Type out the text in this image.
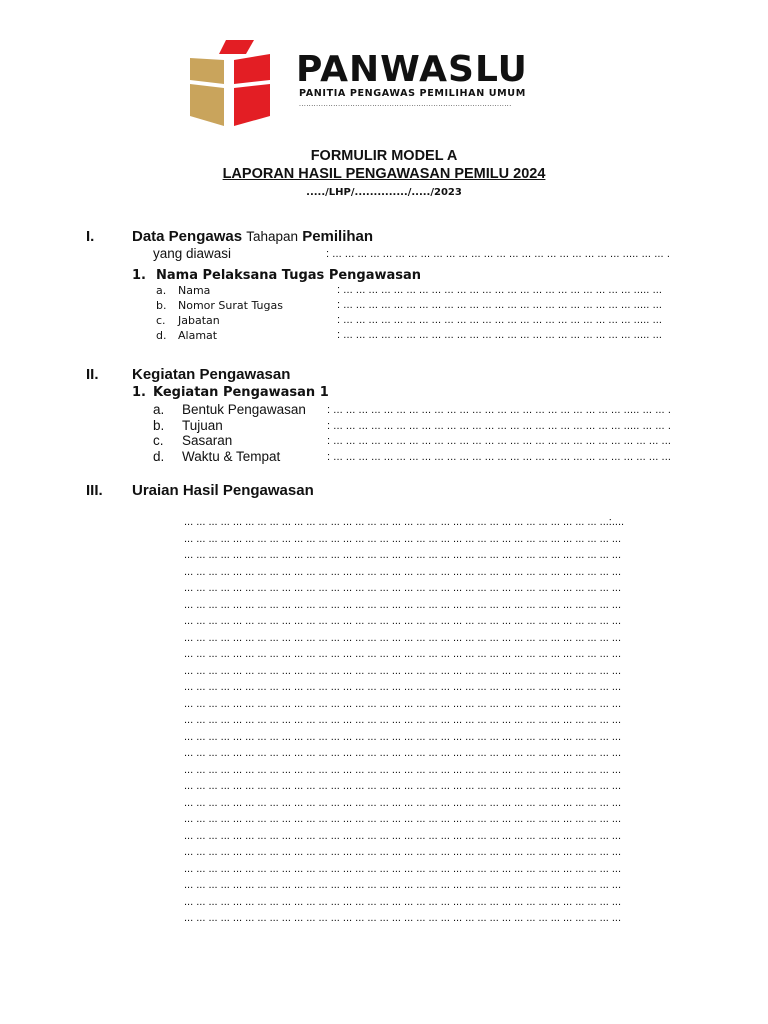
PANWASLU
PANITIA PENGAWAS PEMILIHAN UMUM
.......................................................................................
FORMULIR MODEL A
LAPORAN HASIL PENGAWASAN PEMILU 2024
...../LHP/............../...../2023
I.	Data Pengawas Tahapan Pemilihan
yang diawasi	: ... ... ... ... ... ... ... ... ... ... ... ... ... ... ... ... ... ... ... ... ... ... ... ..... ... ... .
1. Nama Pelaksana Tugas Pengawasan
a. Nama	: ... ... ... ... ... ... ... ... ... ... ... ... ... ... ... ... ... ... ... ... ... ... ... ..... ...
b. Nomor Surat Tugas	: ... ... ... ... ... ... ... ... ... ... ... ... ... ... ... ... ... ... ... ... ... ... ... ..... ...
c. Jabatan	: ... ... ... ... ... ... ... ... ... ... ... ... ... ... ... ... ... ... ... ... ... ... ... ..... ...
d. Alamat	: ... ... ... ... ... ... ... ... ... ... ... ... ... ... ... ... ... ... ... ... ... ... ... ..... ...
II. Kegiatan Pengawasan
1. Kegiatan Pengawasan 1
a. Bentuk Pengawasan : ... ... ... ... ... ... ... ... ... ... ... ... ... ... ... ... ... ... ... ... ... ... ... ..... ... ... .
b. Tujuan	: ... ... ... ... ... ... ... ... ... ... ... ... ... ... ... ... ... ... ... ... ... ... ... ..... ... ... .
c. Sasaran	: ... ... ... ... ... ... ... ... ... ... ... ... ... ... ... ... ... ... ... ... ... ... ... ... ... ... ...
d. Waktu & Tempat	: ... ... ... ... ... ... ... ... ... ... ... ... ... ... ... ... ... ... ... ... ... ... ... ... ... ... ...
III. Uraian Hasil Pengawasan
... ... ... ... ... ... ... ... ... ... ... ... ... ... ... ... ... ... ... ... ... ... ... ... ... ... ... ... ... ... ... ... ... ... ...:....
... ... ... ... ... ... ... ... ... ... ... ... ... ... ... ... ... ... ... ... ... ... ... ... ... ... ... ... ... ... ... ... ... ... ... ...
... ... ... ... ... ... ... ... ... ... ... ... ... ... ... ... ... ... ... ... ... ... ... ... ... ... ... ... ... ... ... ... ... ... ... ...
... ... ... ... ... ... ... ... ... ... ... ... ... ... ... ... ... ... ... ... ... ... ... ... ... ... ... ... ... ... ... ... ... ... ... ...
... ... ... ... ... ... ... ... ... ... ... ... ... ... ... ... ... ... ... ... ... ... ... ... ... ... ... ... ... ... ... ... ... ... ... ...
... ... ... ... ... ... ... ... ... ... ... ... ... ... ... ... ... ... ... ... ... ... ... ... ... ... ... ... ... ... ... ... ... ... ... ...
... ... ... ... ... ... ... ... ... ... ... ... ... ... ... ... ... ... ... ... ... ... ... ... ... ... ... ... ... ... ... ... ... ... ... ...
... ... ... ... ... ... ... ... ... ... ... ... ... ... ... ... ... ... ... ... ... ... ... ... ... ... ... ... ... ... ... ... ... ... ... ...
... ... ... ... ... ... ... ... ... ... ... ... ... ... ... ... ... ... ... ... ... ... ... ... ... ... ... ... ... ... ... ... ... ... ... ...
... ... ... ... ... ... ... ... ... ... ... ... ... ... ... ... ... ... ... ... ... ... ... ... ... ... ... ... ... ... ... ... ... ... ... ...
... ... ... ... ... ... ... ... ... ... ... ... ... ... ... ... ... ... ... ... ... ... ... ... ... ... ... ... ... ... ... ... ... ... ... ...
... ... ... ... ... ... ... ... ... ... ... ... ... ... ... ... ... ... ... ... ... ... ... ... ... ... ... ... ... ... ... ... ... ... ... ...
... ... ... ... ... ... ... ... ... ... ... ... ... ... ... ... ... ... ... ... ... ... ... ... ... ... ... ... ... ... ... ... ... ... ... ...
... ... ... ... ... ... ... ... ... ... ... ... ... ... ... ... ... ... ... ... ... ... ... ... ... ... ... ... ... ... ... ... ... ... ... ...
... ... ... ... ... ... ... ... ... ... ... ... ... ... ... ... ... ... ... ... ... ... ... ... ... ... ... ... ... ... ... ... ... ... ... ...
... ... ... ... ... ... ... ... ... ... ... ... ... ... ... ... ... ... ... ... ... ... ... ... ... ... ... ... ... ... ... ... ... ... ... ...
... ... ... ... ... ... ... ... ... ... ... ... ... ... ... ... ... ... ... ... ... ... ... ... ... ... ... ... ... ... ... ... ... ... ... ...
... ... ... ... ... ... ... ... ... ... ... ... ... ... ... ... ... ... ... ... ... ... ... ... ... ... ... ... ... ... ... ... ... ... ... ...
... ... ... ... ... ... ... ... ... ... ... ... ... ... ... ... ... ... ... ... ... ... ... ... ... ... ... ... ... ... ... ... ... ... ... ...
... ... ... ... ... ... ... ... ... ... ... ... ... ... ... ... ... ... ... ... ... ... ... ... ... ... ... ... ... ... ... ... ... ... ... ...
... ... ... ... ... ... ... ... ... ... ... ... ... ... ... ... ... ... ... ... ... ... ... ... ... ... ... ... ... ... ... ... ... ... ... ...
... ... ... ... ... ... ... ... ... ... ... ... ... ... ... ... ... ... ... ... ... ... ... ... ... ... ... ... ... ... ... ... ... ... ... ...
... ... ... ... ... ... ... ... ... ... ... ... ... ... ... ... ... ... ... ... ... ... ... ... ... ... ... ... ... ... ... ... ... ... ... ...
... ... ... ... ... ... ... ... ... ... ... ... ... ... ... ... ... ... ... ... ... ... ... ... ... ... ... ... ... ... ... ... ... ... ... ...
... ... ... ... ... ... ... ... ... ... ... ... ... ... ... ... ... ... ... ... ... ... ... ... ... ... ... ... ... ... ... ... ... ... ... ...
